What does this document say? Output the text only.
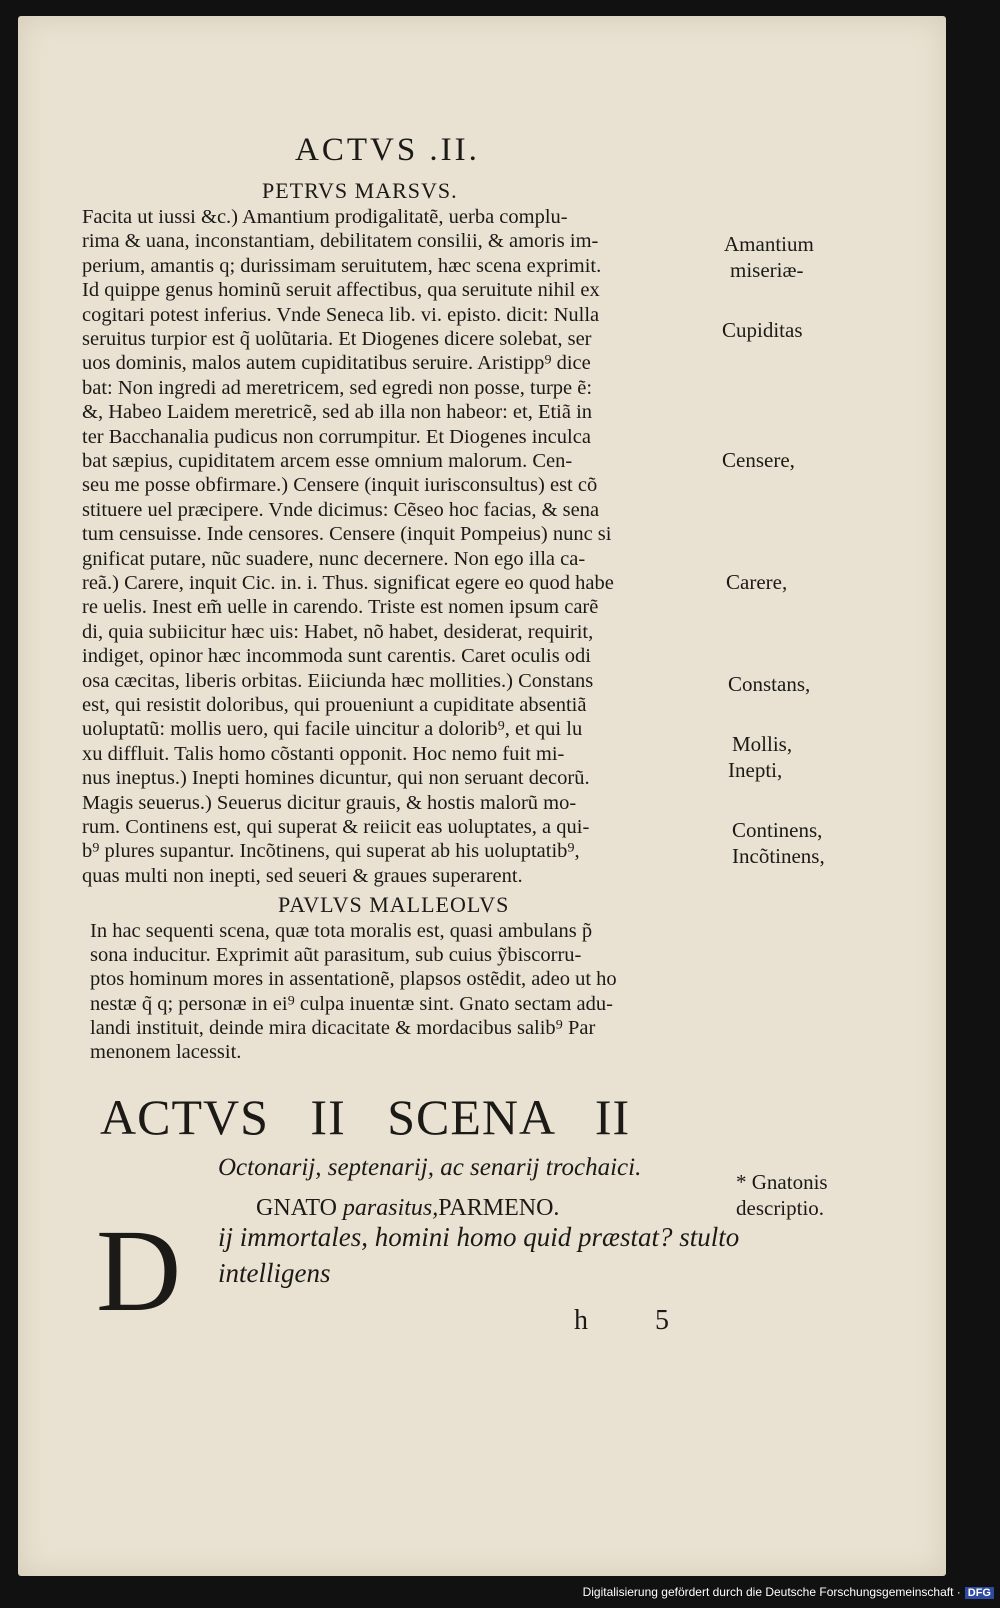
ACTVS .II.
PETRVS MARSVS.
Facita ut iussi &c.) Amantium prodigalitatẽ, uerba complu-
rima & uana, inconstantiam, debilitatem consilii, & amoris im-
perium, amantis q; durissimam seruitutem, hæc scena exprimit.
Id quippe genus hominũ seruit affectibus, qua seruitute nihil ex
cogitari potest inferius. Vnde Seneca lib. vi. episto. dicit: Nulla
seruitus turpior est q̃ uolũtaria. Et Diogenes dicere solebat, ser
uos dominis, malos autem cupiditatibus seruire. Aristipp⁹ dice
bat: Non ingredi ad meretricem, sed egredi non posse, turpe ẽ:
&, Habeo Laidem meretricẽ, sed ab illa non habeor: et, Etiã in
ter Bacchanalia pudicus non corrumpitur. Et Diogenes inculca
bat sæpius, cupiditatem arcem esse omnium malorum. Cen-
seu me posse obfirmare.) Censere (inquit iurisconsultus) est cõ
stituere uel præcipere. Vnde dicimus: Cẽseo hoc facias, & sena
tum censuisse. Inde censores. Censere (inquit Pompeius) nunc si
gnificat putare, nũc suadere, nunc decernere. Non ego illa ca-
reã.) Carere, inquit Cic. in. i. Thus. significat egere eo quod habe
re uelis. Inest em̃ uelle in carendo. Triste est nomen ipsum carẽ
di, quia subiicitur hæc uis: Habet, nõ habet, desiderat, requirit,
indiget, opinor hæc incommoda sunt carentis. Caret oculis odi
osa cæcitas, liberis orbitas. Eiiciunda hæc mollities.) Constans
est, qui resistit doloribus, qui proueniunt a cupiditate absentiã
uoluptatũ: mollis uero, qui facile uincitur a dolorib⁹, et qui lu
xu diffluit. Talis homo cõstanti opponit. Hoc nemo fuit mi-
nus ineptus.) Inepti homines dicuntur, qui non seruant decorũ.
Magis seuerus.) Seuerus dicitur grauis, & hostis malorũ mo-
rum. Continens est, qui superat & reiicit eas uoluptates, a qui-
b⁹ plures supantur. Incõtinens, qui superat ab his uoluptatib⁹,
quas multi non inepti, sed seueri & graues superarent.
PAVLVS MALLEOLVS
In hac sequenti scena, quæ tota moralis est, quasi ambulans p̃
sona inducitur. Exprimit aũt parasitum, sub cuius ỹbiscorru-
ptos hominum mores in assentationẽ, plapsos ostẽdit, adeo ut ho
nestæ q̃ q; personæ in ei⁹ culpa inuentæ sint. Gnato sectam adu-
landi instituit, deinde mira dicacitate & mordacibus salib⁹ Par
menonem lacessit.
ACTVS II SCENA II
Octonarij, septenarij, ac senarij trochaici.
GNATO parasitus,PARMENO.
D ij immortales, homini homo quid præstat? stulto
intelligens
h 5
Amantium
miseriæ-
Cupiditas
Censere,
Carere,
Constans,
Mollis,
Inepti,
Continens,
Incõtinens,
* Gnatonis
descriptio.
Digitalisierung gefördert durch die Deutsche Forschungsgemeinschaft · DFG
